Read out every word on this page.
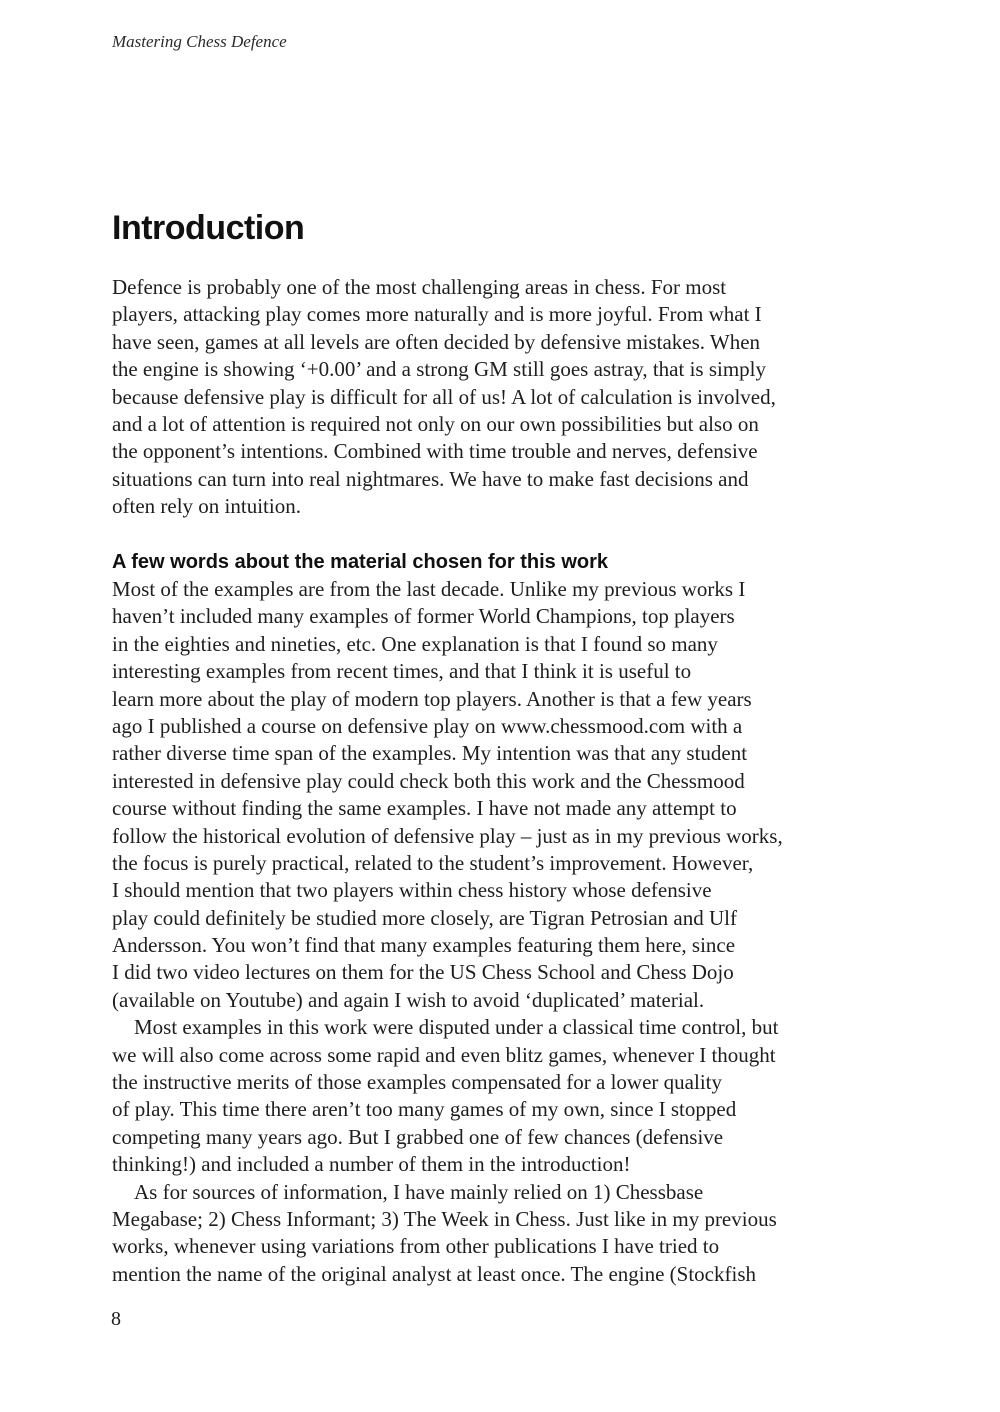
Mastering Chess Defence
Introduction
Defence is probably one of the most challenging areas in chess. For most
players, attacking play comes more naturally and is more joyful. From what I
have seen, games at all levels are often decided by defensive mistakes. When
the engine is showing ‘+0.00’ and a strong GM still goes astray, that is simply
because defensive play is difficult for all of us! A lot of calculation is involved,
and a lot of attention is required not only on our own possibilities but also on
the opponent’s intentions. Combined with time trouble and nerves, defensive
situations can turn into real nightmares. We have to make fast decisions and
often rely on intuition.
A few words about the material chosen for this work
Most of the examples are from the last decade. Unlike my previous works I
haven’t included many examples of former World Champions, top players
in the eighties and nineties, etc. One explanation is that I found so many
interesting examples from recent times, and that I think it is useful to
learn more about the play of modern top players. Another is that a few years
ago I published a course on defensive play on www.chessmood.com with a
rather diverse time span of the examples. My intention was that any student
interested in defensive play could check both this work and the Chessmood
course without finding the same examples. I have not made any attempt to
follow the historical evolution of defensive play – just as in my previous works,
the focus is purely practical, related to the student’s improvement. However,
I should mention that two players within chess history whose defensive
play could definitely be studied more closely, are Tigran Petrosian and Ulf
Andersson. You won’t find that many examples featuring them here, since
I did two video lectures on them for the US Chess School and Chess Dojo
(available on Youtube) and again I wish to avoid ‘duplicated’ material.
Most examples in this work were disputed under a classical time control, but
we will also come across some rapid and even blitz games, whenever I thought
the instructive merits of those examples compensated for a lower quality
of play. This time there aren’t too many games of my own, since I stopped
competing many years ago. But I grabbed one of few chances (defensive
thinking!) and included a number of them in the introduction!
As for sources of information, I have mainly relied on 1) Chessbase
Megabase; 2) Chess Informant; 3) The Week in Chess. Just like in my previous
works, whenever using variations from other publications I have tried to
mention the name of the original analyst at least once. The engine (Stockfish
8
